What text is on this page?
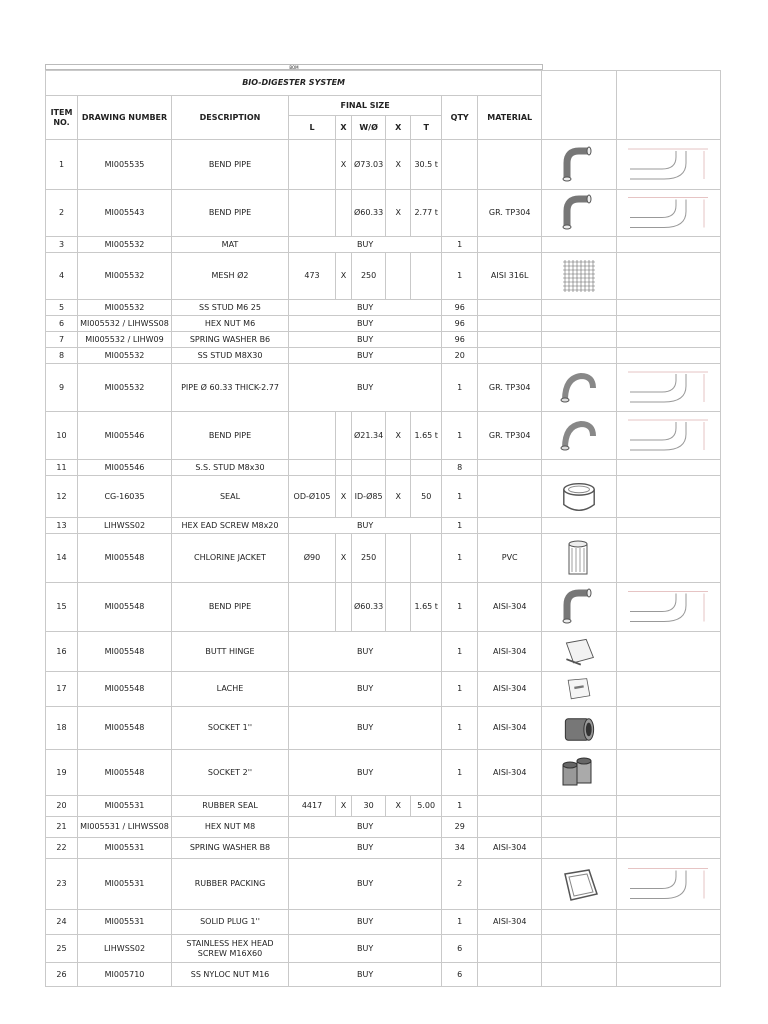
BOM
BIO-DIGESTER SYSTEM											
ITEM NO.	DRAWING NUMBER	DESCRIPTION	FINAL SIZE					QTY	MATERIAL		
			L	X	W/Ø	X	T				
1	MI005535	BEND PIPE		X	Ø73.03	X	30.5 t			

2	MI005543	BEND PIPE			Ø60.33	X	2.77 t		GR. TP304	

3	MI005532	MAT	BUY					1			
4	MI005532	MESH Ø2	473	X	250			1	AISI 316L	

5	MI005532	SS STUD M6 25	BUY					96			
6	MI005532 / LIHWSS08	HEX NUT M6	BUY					96			
7	MI005532 / LIHW09	SPRING WASHER B6	BUY					96			
8	MI005532	SS STUD M8X30	BUY					20			
9	MI005532	PIPE Ø 60.33 THICK-2.77	BUY					1	GR. TP304	

10	MI005546	BEND PIPE			Ø21.34	X	1.65 t	1	GR. TP304	

11	MI005546	S.S. STUD M8x30						8			
12	CG-16035	SEAL	OD-Ø105	X	ID-Ø85	X	50	1		

13	LIHWSS02	HEX EAD SCREW M8x20	BUY					1			
14	MI005548	CHLORINE JACKET	Ø90	X	250			1	PVC	

15	MI005548	BEND PIPE			Ø60.33		1.65 t	1	AISI-304	

16	MI005548	BUTT HINGE	BUY					1	AISI-304	

17	MI005548	LACHE	BUY					1	AISI-304	

18	MI005548	SOCKET 1''	BUY					1	AISI-304	

19	MI005548	SOCKET 2''	BUY					1	AISI-304	

20	MI005531	RUBBER SEAL	4417	X	30	X	5.00	1			
21	MI005531 / LIHWSS08	HEX NUT M8	BUY					29			
22	MI005531	SPRING WASHER B8	BUY					34	AISI-304		
23	MI005531	RUBBER PACKING	BUY					2		

24	MI005531	SOLID PLUG 1''	BUY					1	AISI-304		
25	LIHWSS02	STAINLESS HEX HEAD SCREW M16X60	BUY					6			
26	MI005710	SS NYLOC NUT M16	BUY					6			
